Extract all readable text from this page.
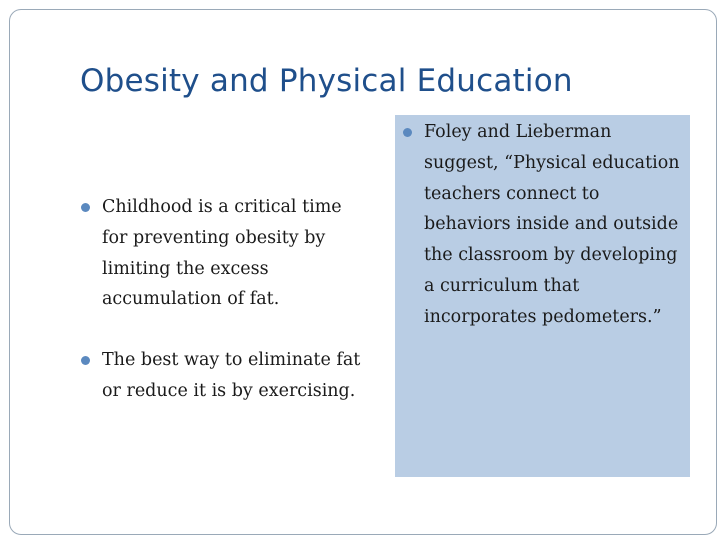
Obesity and Physical Education
Childhood is a critical time for preventing obesity by limiting the excess accumulation of fat.
The best way to eliminate fat or reduce it is by exercising.
Foley and Lieberman suggest, “Physical education teachers connect to behaviors inside and outside the classroom by developing a curriculum that incorporates pedometers.”
